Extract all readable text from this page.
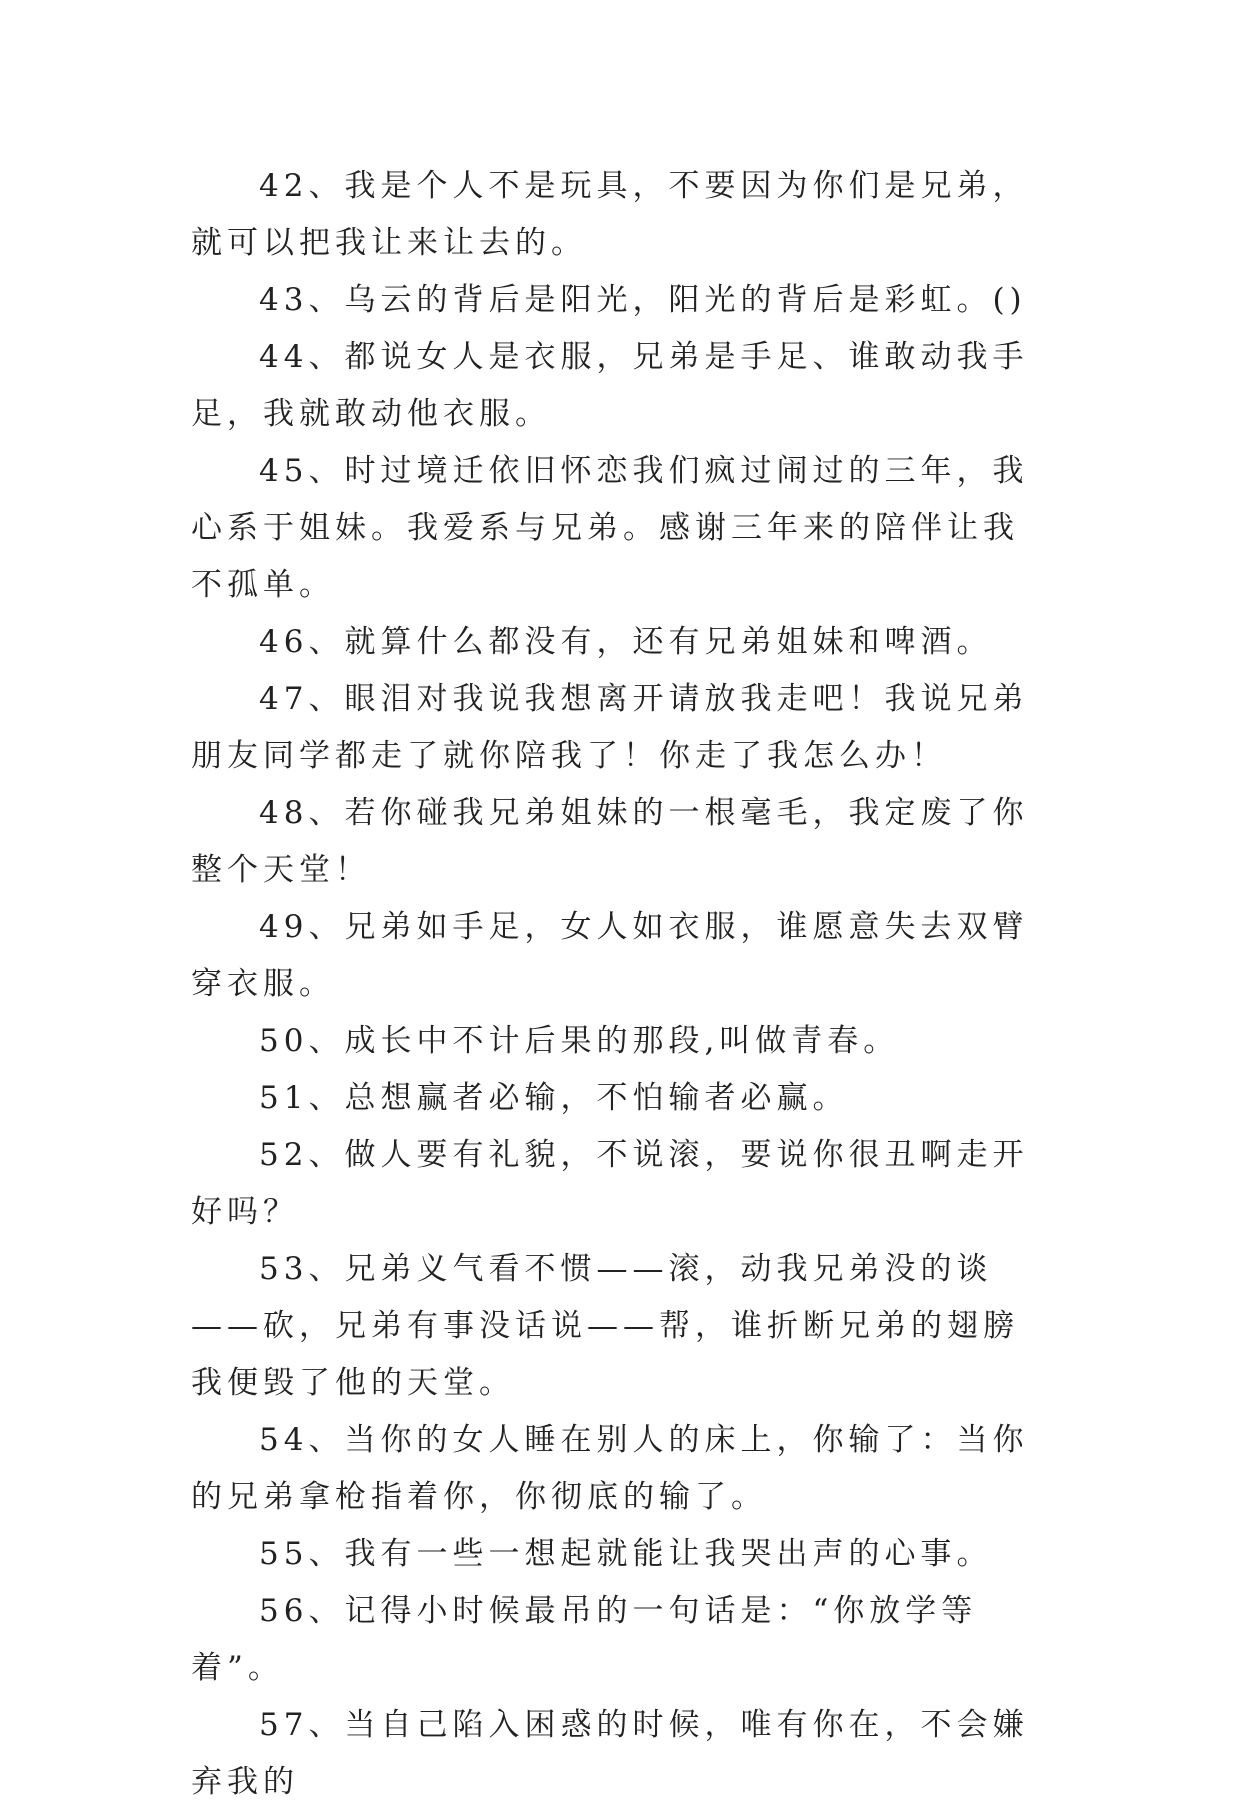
42、我是个人不是玩具，不要因为你们是兄弟，就可以把我让来让去的。

43、乌云的背后是阳光，阳光的背后是彩虹。()

44、都说女人是衣服，兄弟是手足、谁敢动我手足，我就敢动他衣服。

45、时过境迁依旧怀恋我们疯过闹过的三年，我心系于姐妹。我爱系与兄弟。感谢三年来的陪伴让我不孤单。

46、就算什么都没有，还有兄弟姐妹和啤酒。

47、眼泪对我说我想离开请放我走吧！我说兄弟朋友同学都走了就你陪我了！你走了我怎么办！

48、若你碰我兄弟姐妹的一根毫毛，我定废了你整个天堂！

49、兄弟如手足，女人如衣服，谁愿意失去双臂穿衣服。

50、成长中不计后果的那段,叫做青春。

51、总想赢者必输，不怕输者必赢。

52、做人要有礼貌，不说滚，要说你很丑啊走开好吗？

53、兄弟义气看不惯——滚，动我兄弟没的谈——砍，兄弟有事没话说——帮，谁折断兄弟的翅膀我便毁了他的天堂。

54、当你的女人睡在别人的床上，你输了：当你的兄弟拿枪指着你，你彻底的输了。

55、我有一些一想起就能让我哭出声的心事。

56、记得小时候最吊的一句话是：“你放学等着”。

57、当自己陷入困惑的时候，唯有你在，不会嫌弃我的
